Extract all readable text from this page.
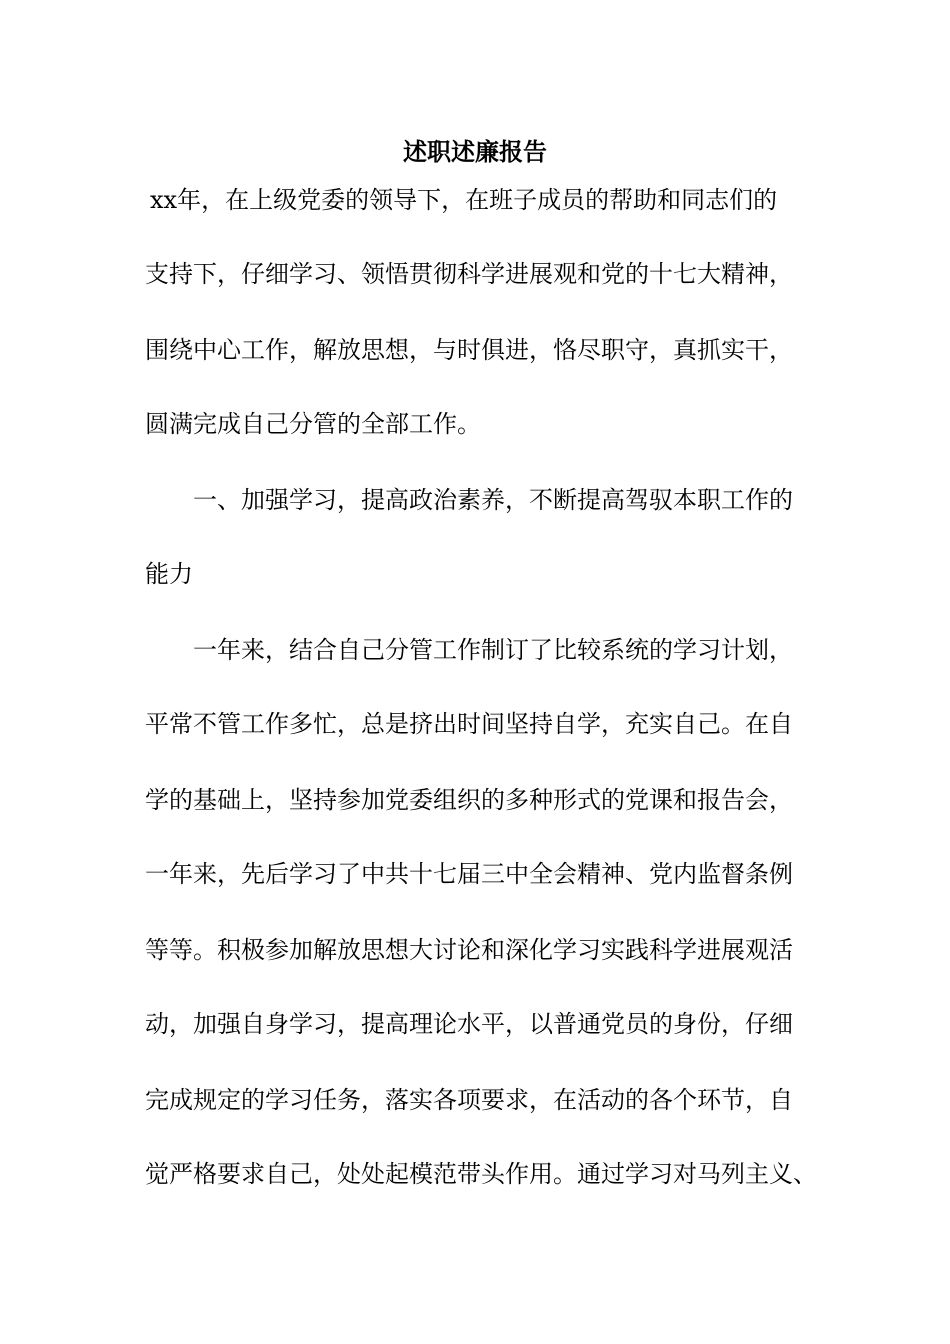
述职述廉报告

xx年，在上级党委的领导下，在班子成员的帮助和同志们的

支持下，仔细学习、领悟贯彻科学进展观和党的十七大精神，

围绕中心工作，解放思想，与时俱进，恪尽职守，真抓实干，

圆满完成自己分管的全部工作。

一、加强学习，提高政治素养，不断提高驾驭本职工作的

能力

一年来，结合自己分管工作制订了比较系统的学习计划，

平常不管工作多忙，总是挤出时间坚持自学，充实自己。在自

学的基础上，坚持参加党委组织的多种形式的党课和报告会，

一年来，先后学习了中共十七届三中全会精神、党内监督条例

等等。积极参加解放思想大讨论和深化学习实践科学进展观活

动，加强自身学习，提高理论水平，以普通党员的身份，仔细

完成规定的学习任务，落实各项要求，在活动的各个环节，自

觉严格要求自己，处处起模范带头作用。通过学习对马列主义、
